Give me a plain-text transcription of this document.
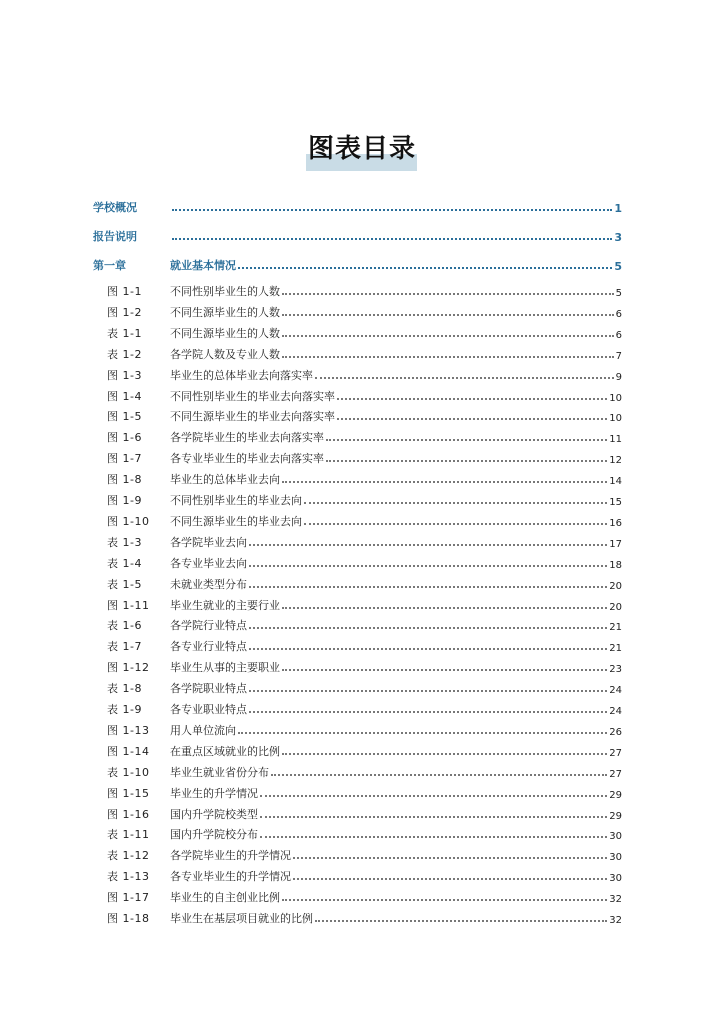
图表目录
学校概况	1
报告说明	3
第一章	就业基本情况	5
图 1-1	不同性别毕业生的人数	5
图 1-2	不同生源毕业生的人数	6
表 1-1	不同生源毕业生的人数	6
表 1-2	各学院人数及专业人数	7
图 1-3	毕业生的总体毕业去向落实率	9
图 1-4	不同性别毕业生的毕业去向落实率	10
图 1-5	不同生源毕业生的毕业去向落实率	10
图 1-6	各学院毕业生的毕业去向落实率	11
图 1-7	各专业毕业生的毕业去向落实率	12
图 1-8	毕业生的总体毕业去向	14
图 1-9	不同性别毕业生的毕业去向	15
图 1-10	不同生源毕业生的毕业去向	16
表 1-3	各学院毕业去向	17
表 1-4	各专业毕业去向	18
表 1-5	未就业类型分布	20
图 1-11	毕业生就业的主要行业	20
表 1-6	各学院行业特点	21
表 1-7	各专业行业特点	21
图 1-12	毕业生从事的主要职业	23
表 1-8	各学院职业特点	24
表 1-9	各专业职业特点	24
图 1-13	用人单位流向	26
图 1-14	在重点区域就业的比例	27
表 1-10	毕业生就业省份分布	27
图 1-15	毕业生的升学情况	29
图 1-16	国内升学院校类型	29
表 1-11	国内升学院校分布	30
表 1-12	各学院毕业生的升学情况	30
表 1-13	各专业毕业生的升学情况	30
图 1-17	毕业生的自主创业比例	32
图 1-18	毕业生在基层项目就业的比例	32
